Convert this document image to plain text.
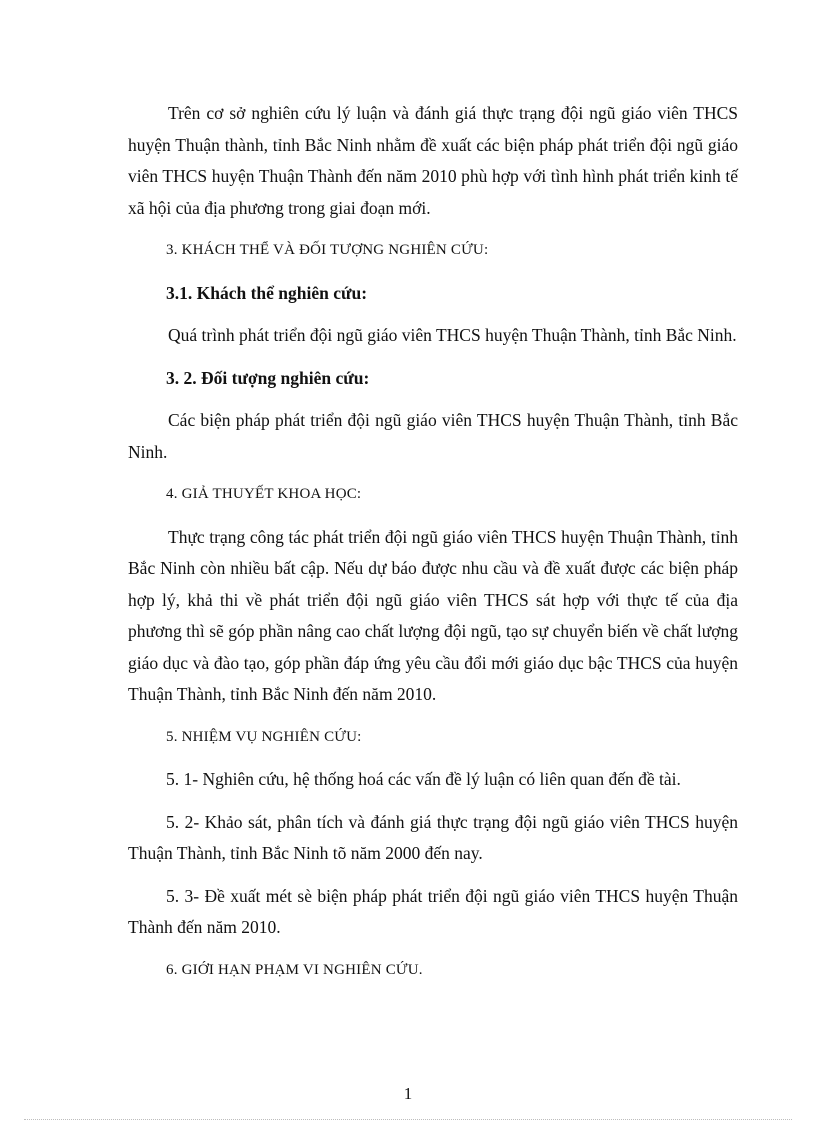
Trên cơ sở nghiên cứu lý luận và đánh giá thực trạng đội ngũ giáo viên THCS huyện Thuận thành, tỉnh Bắc Ninh nhằm đề xuất các biện pháp phát triển đội ngũ giáo viên THCS huyện Thuận Thành đến năm 2010 phù hợp với tình hình phát triển kinh tế xã hội của địa phương trong giai đoạn mới.

3. KHÁCH THỂ VÀ ĐỐI TƯỢNG NGHIÊN CỨU:

3.1. Khách thể nghiên cứu:

Quá trình phát triển đội ngũ giáo viên THCS huyện Thuận Thành, tỉnh Bắc Ninh.

3. 2. Đối tượng nghiên cứu:

Các biện pháp phát triển đội ngũ giáo viên THCS huyện Thuận Thành, tỉnh Bắc Ninh.

4. GIẢ THUYẾT KHOA HỌC:

Thực trạng công tác phát triển đội ngũ giáo viên THCS huyện Thuận Thành, tỉnh Bắc Ninh còn nhiều bất cập. Nếu dự báo được nhu cầu và đề xuất được các biện pháp hợp lý, khả thi về phát triển đội ngũ giáo viên THCS sát hợp với thực tế của địa phương thì sẽ góp phần nâng cao chất lượng đội ngũ, tạo sự chuyển biến về chất lượng giáo dục và đào tạo, góp phần đáp ứng yêu cầu đổi mới giáo dục bậc THCS của huyện Thuận Thành, tỉnh Bắc Ninh đến năm 2010.

5. NHIỆM VỤ NGHIÊN CỨU:

5. 1- Nghiên cứu, hệ thống hoá các vấn đề lý luận có liên quan đến đề tài.

5. 2- Khảo sát, phân tích và đánh giá thực trạng đội ngũ giáo viên THCS huyện Thuận Thành, tỉnh Bắc Ninh tõ năm 2000 đến nay.

5. 3- Đề xuất mét sè biện pháp phát triển đội ngũ giáo viên THCS huyện Thuận Thành đến năm 2010.

6. GIỚI HẠN PHẠM VI NGHIÊN CỨU.

1
